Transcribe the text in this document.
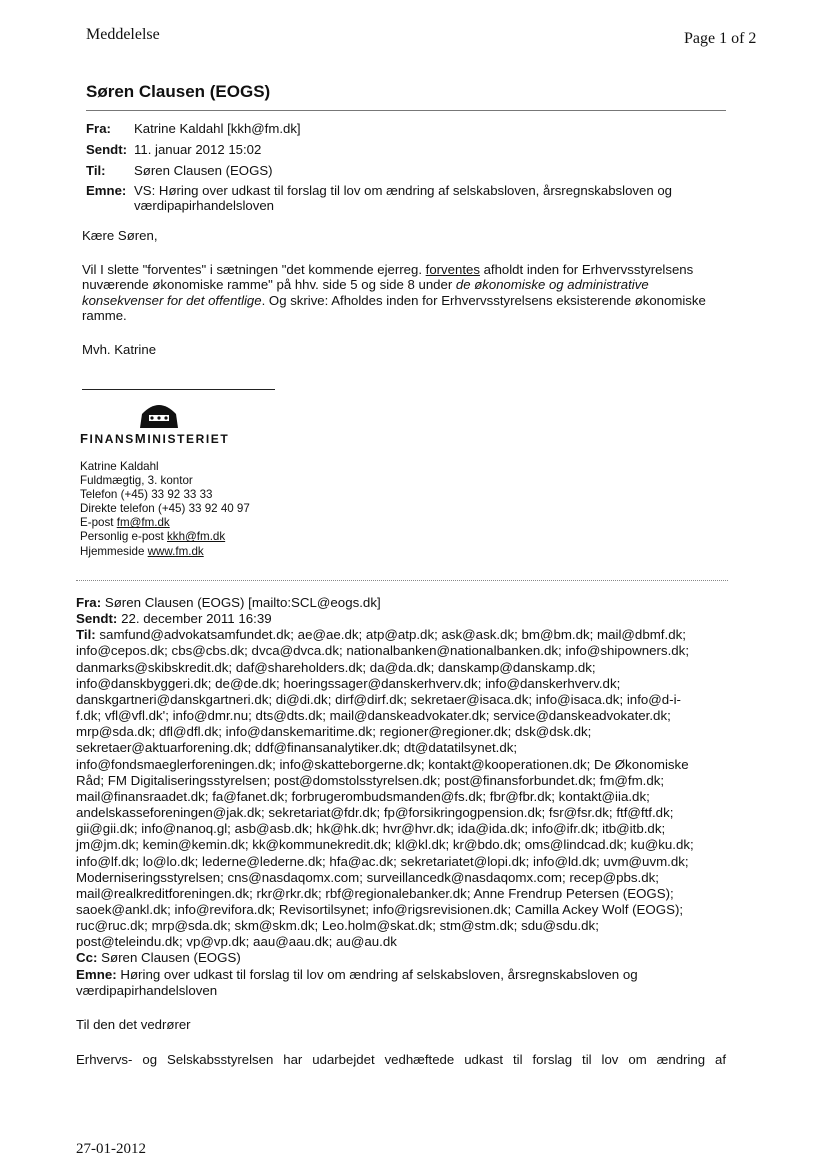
Meddelelse	Page 1 of 2
Søren Clausen (EOGS)
Fra:	Katrine Kaldahl [kkh@fm.dk]
Sendt: 11. januar 2012 15:02
Til:	Søren Clausen (EOGS)
Emne: VS: Høring over udkast til forslag til lov om ændring af selskabsloven, årsregnskabsloven og værdipapirhandelsloven

Kære Søren,

Vil I slette "forventes" i sætningen "det kommende ejerreg. forventes afholdt inden for Erhvervsstyrelsens nuværende økonomiske ramme" på hhv. side 5 og side 8 under de økonomiske og administrative konsekvenser for det offentlige. Og skrive: Afholdes inden for Erhvervsstyrelsens eksisterende økonomiske ramme.

Mvh. Katrine

FINANSMINISTERIET
Katrine Kaldahl
Fuldmægtig, 3. kontor
Telefon (+45) 33 92 33 33
Direkte telefon (+45) 33 92 40 97
E-post fm@fm.dk
Personlig e-post kkh@fm.dk
Hjemmeside www.fm.dk
Fra: Søren Clausen (EOGS) [mailto:SCL@eogs.dk]
Sendt: 22. december 2011 16:39
Til: samfund@advokatsamfundet.dk; ae@ae.dk; atp@atp.dk; ask@ask.dk; bm@bm.dk; mail@dbmf.dk;
info@cepos.dk; cbs@cbs.dk; dvca@dvca.dk; nationalbanken@nationalbanken.dk; info@shipowners.dk;
danmarks@skibskredit.dk; daf@shareholders.dk; da@da.dk; danskamp@danskamp.dk;
info@danskbyggeri.dk; de@de.dk; hoeringssager@danskerhverv.dk; info@danskerhverv.dk;
danskgartneri@danskgartneri.dk; di@di.dk; dirf@dirf.dk; sekretaer@isaca.dk; info@isaca.dk; info@d-i-
f.dk; vfl@vfl.dk'; info@dmr.nu; dts@dts.dk; mail@danskeadvokater.dk; service@danskeadvokater.dk;
mrp@sda.dk; dfl@dfl.dk; info@danskemaritime.dk; regioner@regioner.dk; dsk@dsk.dk;
sekretaer@aktuarforening.dk; ddf@finansanalytiker.dk; dt@datatilsynet.dk;
info@fondsmaeglerforeningen.dk; info@skatteborgerne.dk; kontakt@kooperationen.dk; De Økonomiske
Råd; FM Digitaliseringsstyrelsen; post@domstolsstyrelsen.dk; post@finansforbundet.dk; fm@fm.dk;
mail@finansraadet.dk; fa@fanet.dk; forbrugerombudsmanden@fs.dk; fbr@fbr.dk; kontakt@iia.dk;
andelskasseforeningen@jak.dk; sekretariat@fdr.dk; fp@forsikringogpension.dk; fsr@fsr.dk; ftf@ftf.dk;
gii@gii.dk; info@nanoq.gl; asb@asb.dk; hk@hk.dk; hvr@hvr.dk; ida@ida.dk; info@ifr.dk; itb@itb.dk;
jm@jm.dk; kemin@kemin.dk; kk@kommunekredit.dk; kl@kl.dk; kr@bdo.dk; oms@lindcad.dk; ku@ku.dk;
info@lf.dk; lo@lo.dk; lederne@lederne.dk; hfa@ac.dk; sekretariatet@lopi.dk; info@ld.dk; uvm@uvm.dk;
Moderniseringsstyrelsen; cns@nasdaqomx.com; surveillancedk@nasdaqomx.com; recep@pbs.dk;
mail@realkreditforeningen.dk; rkr@rkr.dk; rbf@regionalebanker.dk; Anne Frendrup Petersen (EOGS);
saoek@ankl.dk; info@revifora.dk; Revisortilsynet; info@rigsrevisionen.dk; Camilla Ackey Wolf (EOGS);
ruc@ruc.dk; mrp@sda.dk; skm@skm.dk; Leo.holm@skat.dk; stm@stm.dk; sdu@sdu.dk;
post@teleindu.dk; vp@vp.dk; aau@aau.dk; au@au.dk
Cc: Søren Clausen (EOGS)
Emne: Høring over udkast til forslag til lov om ændring af selskabsloven, årsregnskabsloven og
værdipapirhandelsloven
Til den det vedrører
Erhvervs- og Selskabsstyrelsen har udarbejdet vedhæftede udkast til forslag til lov om ændring af
27-01-2012
